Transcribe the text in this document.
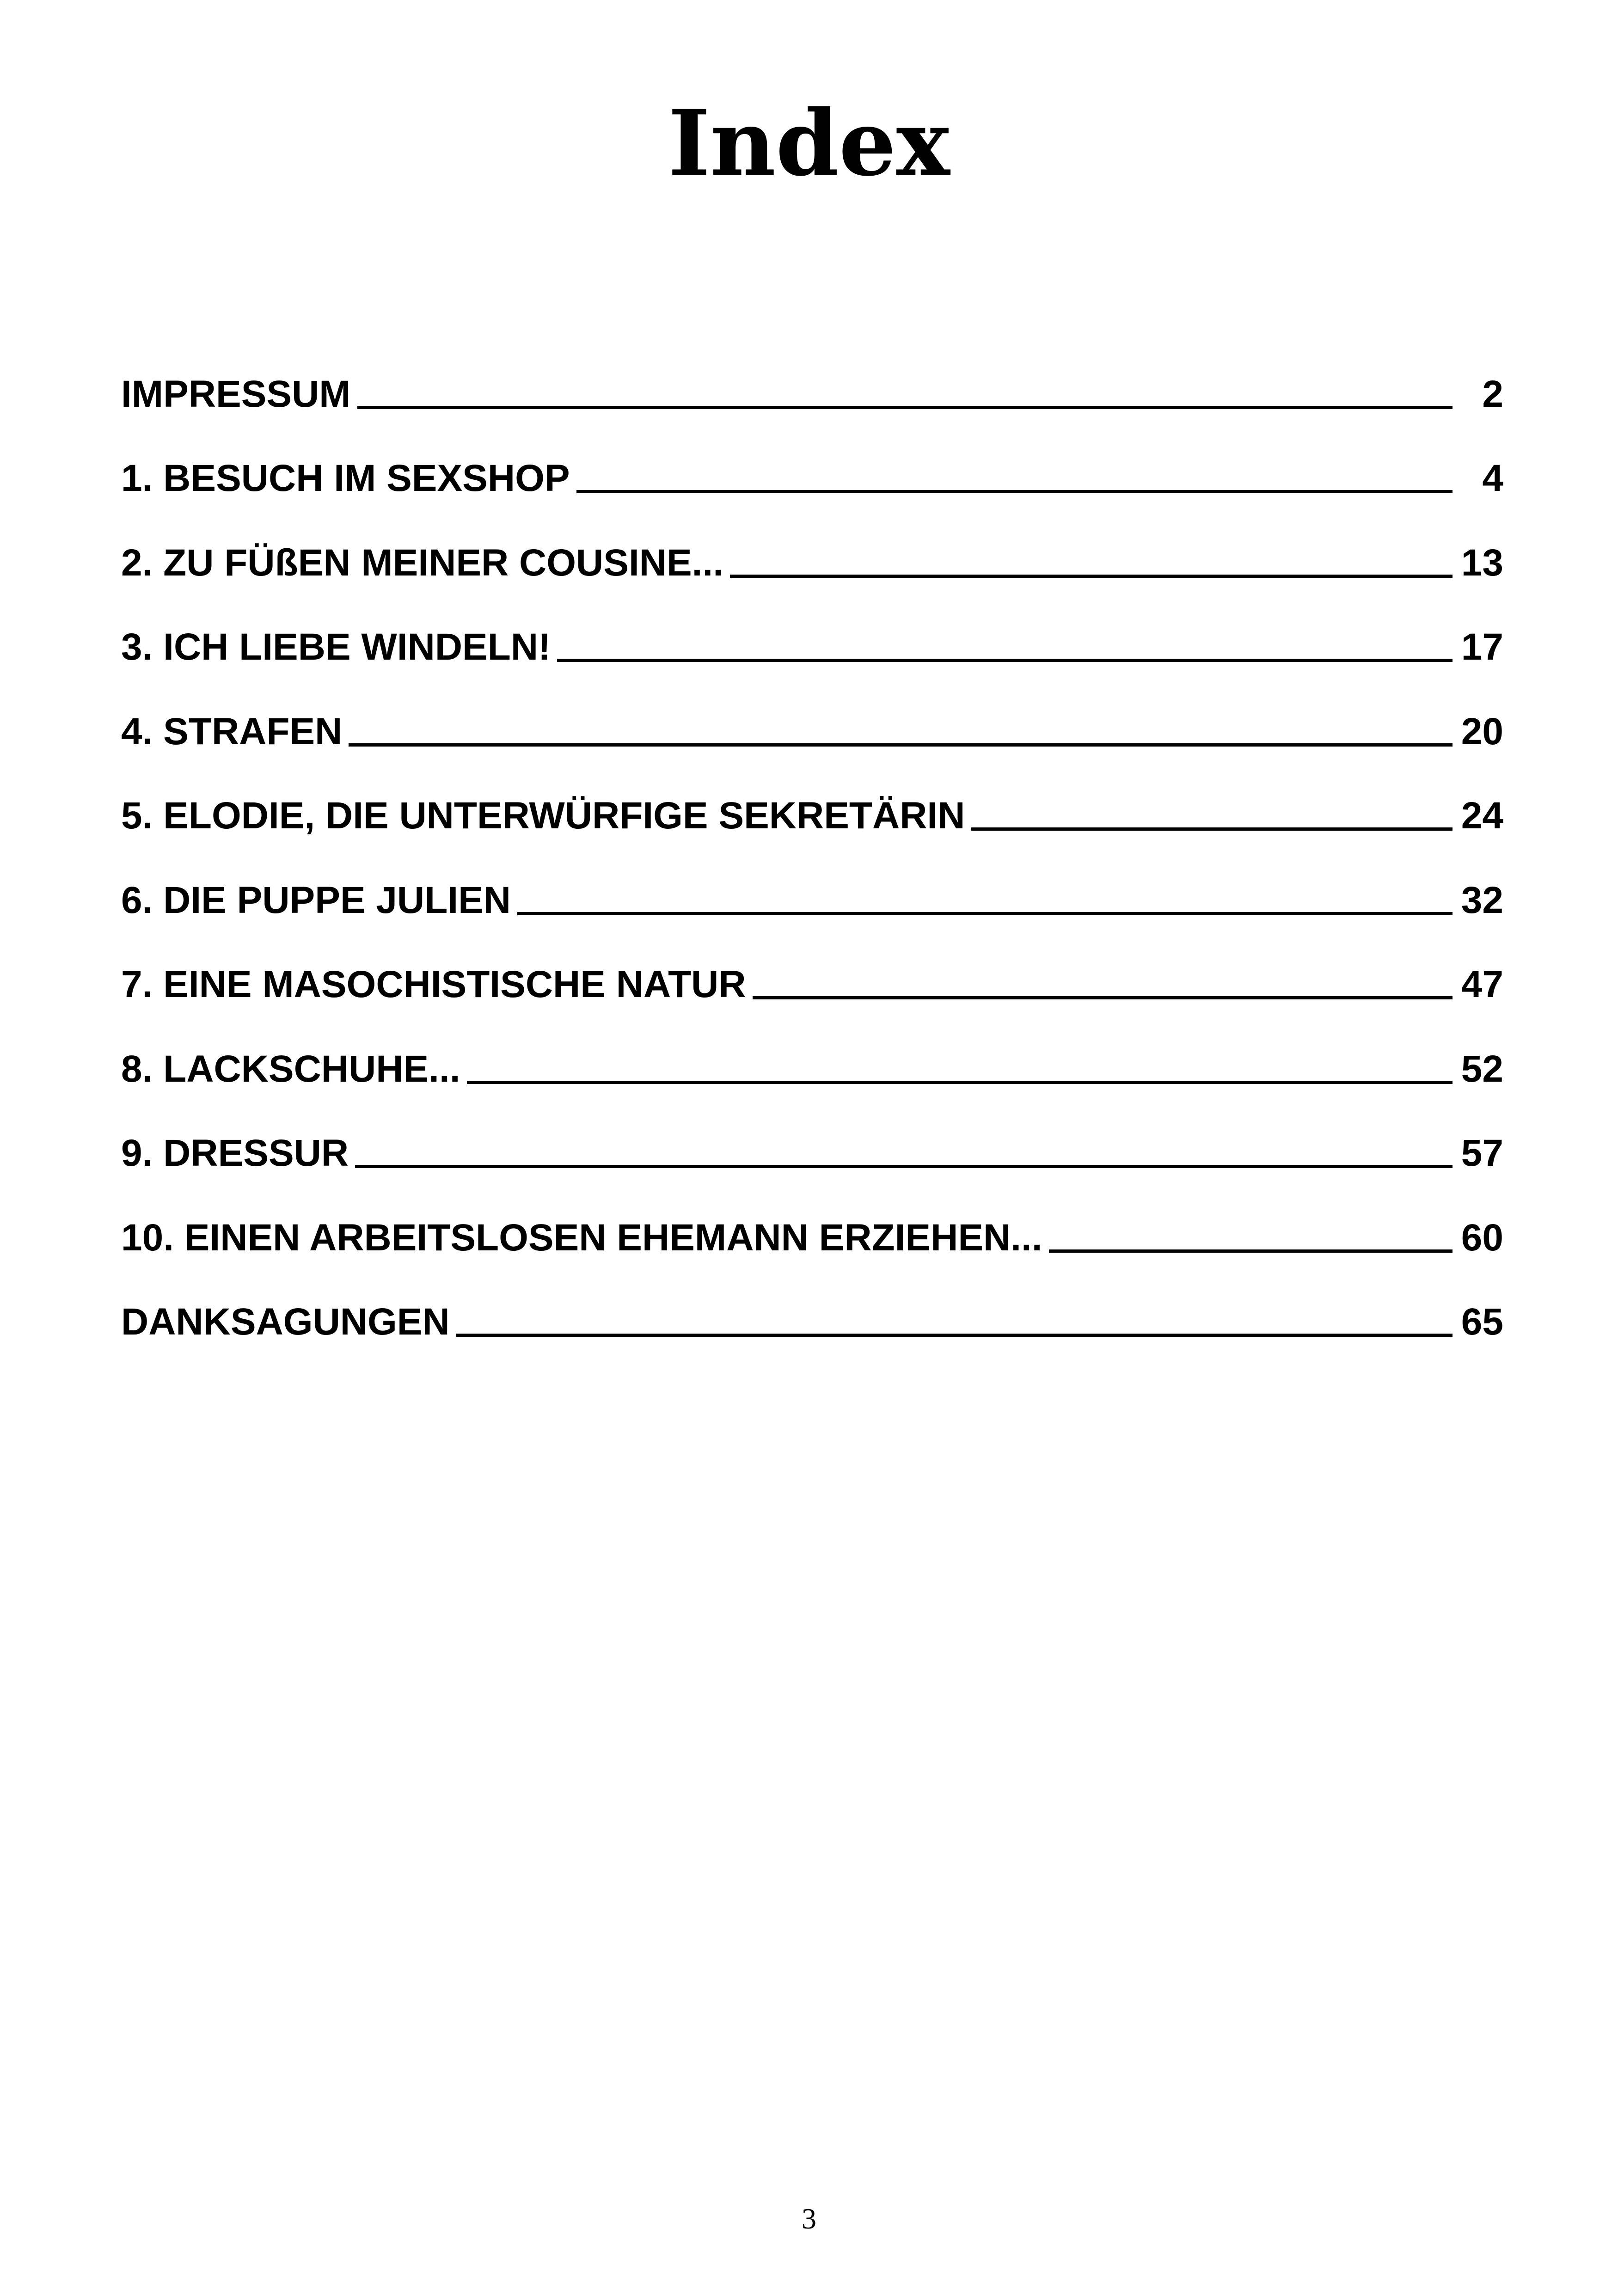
Index
IMPRESSUM	2
1. BESUCH IM SEXSHOP	4
2. ZU FÜßEN MEINER COUSINE...	13
3. ICH LIEBE WINDELN!	17
4. STRAFEN	20
5. ELODIE, DIE UNTERWÜRFIGE SEKRETÄRIN	24
6. DIE PUPPE JULIEN	32
7. EINE MASOCHISTISCHE NATUR	47
8. LACKSCHUHE...	52
9. DRESSUR	57
10. EINEN ARBEITSLOSEN EHEMANN ERZIEHEN...	60
DANKSAGUNGEN	65
3
